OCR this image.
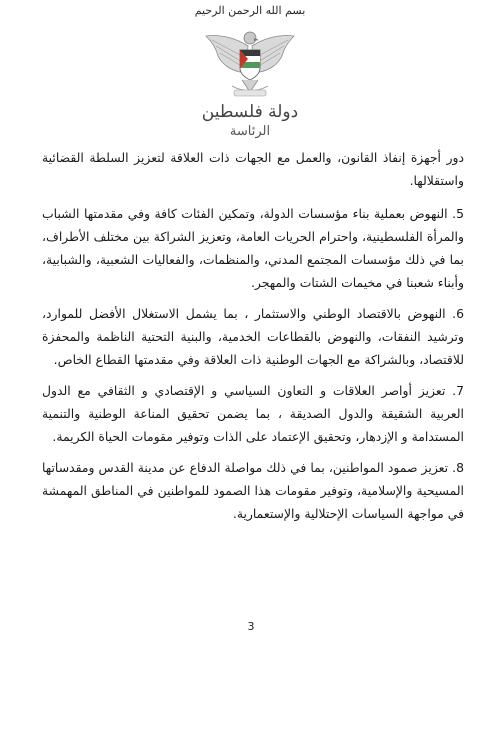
بسم الله الرحمن الرحيم
دولة فلسطين
الرئاسة

دور أجهزة إنفاذ القانون، والعمل مع الجهات ذات العلاقة لتعزيز السلطة القضائية واستقلالها.

5. النهوض بعملية بناء مؤسسات الدولة، وتمكين الفئات كافة وفي مقدمتها الشباب والمرأة الفلسطينية، واحترام الحريات العامة، وتعزيز الشراكة بين مختلف الأطراف، بما في ذلك مؤسسات المجتمع المدني، والمنظمات، والفعاليات الشعبية، والشبابية، وأبناء شعبنا في مخيمات الشتات والمهجر.
6. النهوض بالاقتصاد الوطني والاستثمار ، بما يشمل الاستغلال الأفضل للموارد، وترشيد النفقات، والنهوض بالقطاعات الخدمية، والبنية التحتية الناظمة والمحفزة للاقتصاد، وبالشراكة مع الجهات الوطنية ذات العلاقة وفي مقدمتها القطاع الخاص.
7. تعزيز أواصر العلاقات و التعاون السياسي و الإقتصادي و الثقافي مع الدول العربية الشقيقة والدول الصديقة ، بما يضمن تحقيق المناعة الوطنية والتنمية المستدامة و الإزدهار، وتحقيق الإعتماد على الذات وتوفير مقومات الحياة الكريمة.
8. تعزيز صمود المواطنين، بما في ذلك مواصلة الدفاع عن مدينة القدس ومقدساتها المسيحية والإسلامية، وتوفير مقومات هذا الصمود للمواطنين في المناطق المهمشة في مواجهة السياسات الإحتلالية والإستعمارية.
3
